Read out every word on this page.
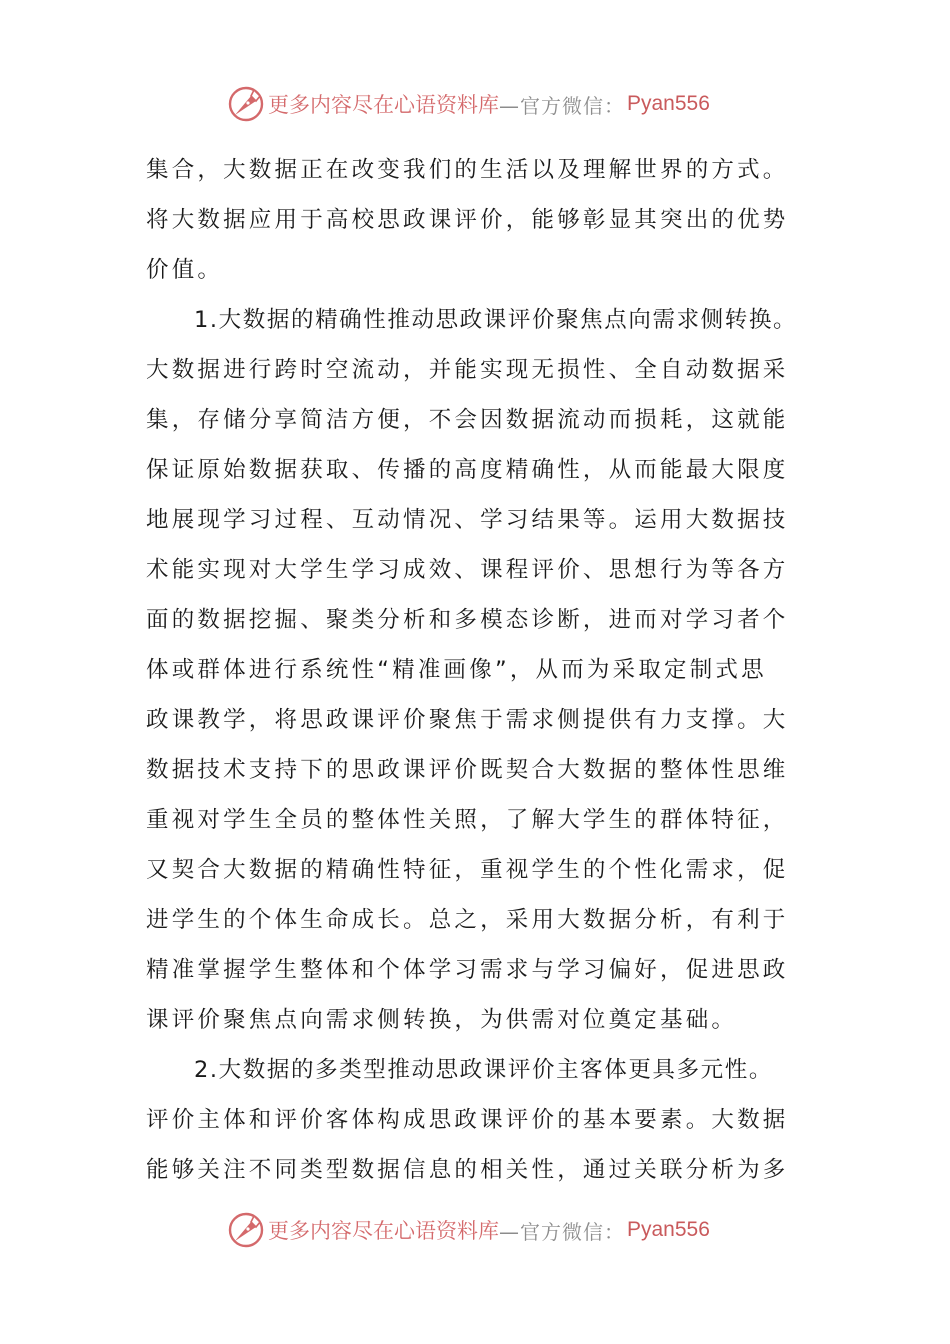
更多内容尽在心语资料库 —官方微信： Pyan556
集合，大数据正在改变我们的生活以及理解世界的方式。
将大数据应用于高校思政课评价，能够彰显其突出的优势
价值。
1.大数据的精确性推动思政课评价聚焦点向需求侧转换。
大数据进行跨时空流动，并能实现无损性、全自动数据采
集，存储分享简洁方便，不会因数据流动而损耗，这就能
保证原始数据获取、传播的高度精确性，从而能最大限度
地展现学习过程、互动情况、学习结果等。运用大数据技
术能实现对大学生学习成效、课程评价、思想行为等各方
面的数据挖掘、聚类分析和多模态诊断，进而对学习者个
体或群体进行系统性“精准画像”，从而为采取定制式思
政课教学，将思政课评价聚焦于需求侧提供有力支撑。大
数据技术支持下的思政课评价既契合大数据的整体性思维
重视对学生全员的整体性关照，了解大学生的群体特征，
又契合大数据的精确性特征，重视学生的个性化需求，促
进学生的个体生命成长。总之，采用大数据分析，有利于
精准掌握学生整体和个体学习需求与学习偏好，促进思政
课评价聚焦点向需求侧转换，为供需对位奠定基础。
2.大数据的多类型推动思政课评价主客体更具多元性。
评价主体和评价客体构成思政课评价的基本要素。大数据
能够关注不同类型数据信息的相关性，通过关联分析为多
更多内容尽在心语资料库 —官方微信： Pyan556
